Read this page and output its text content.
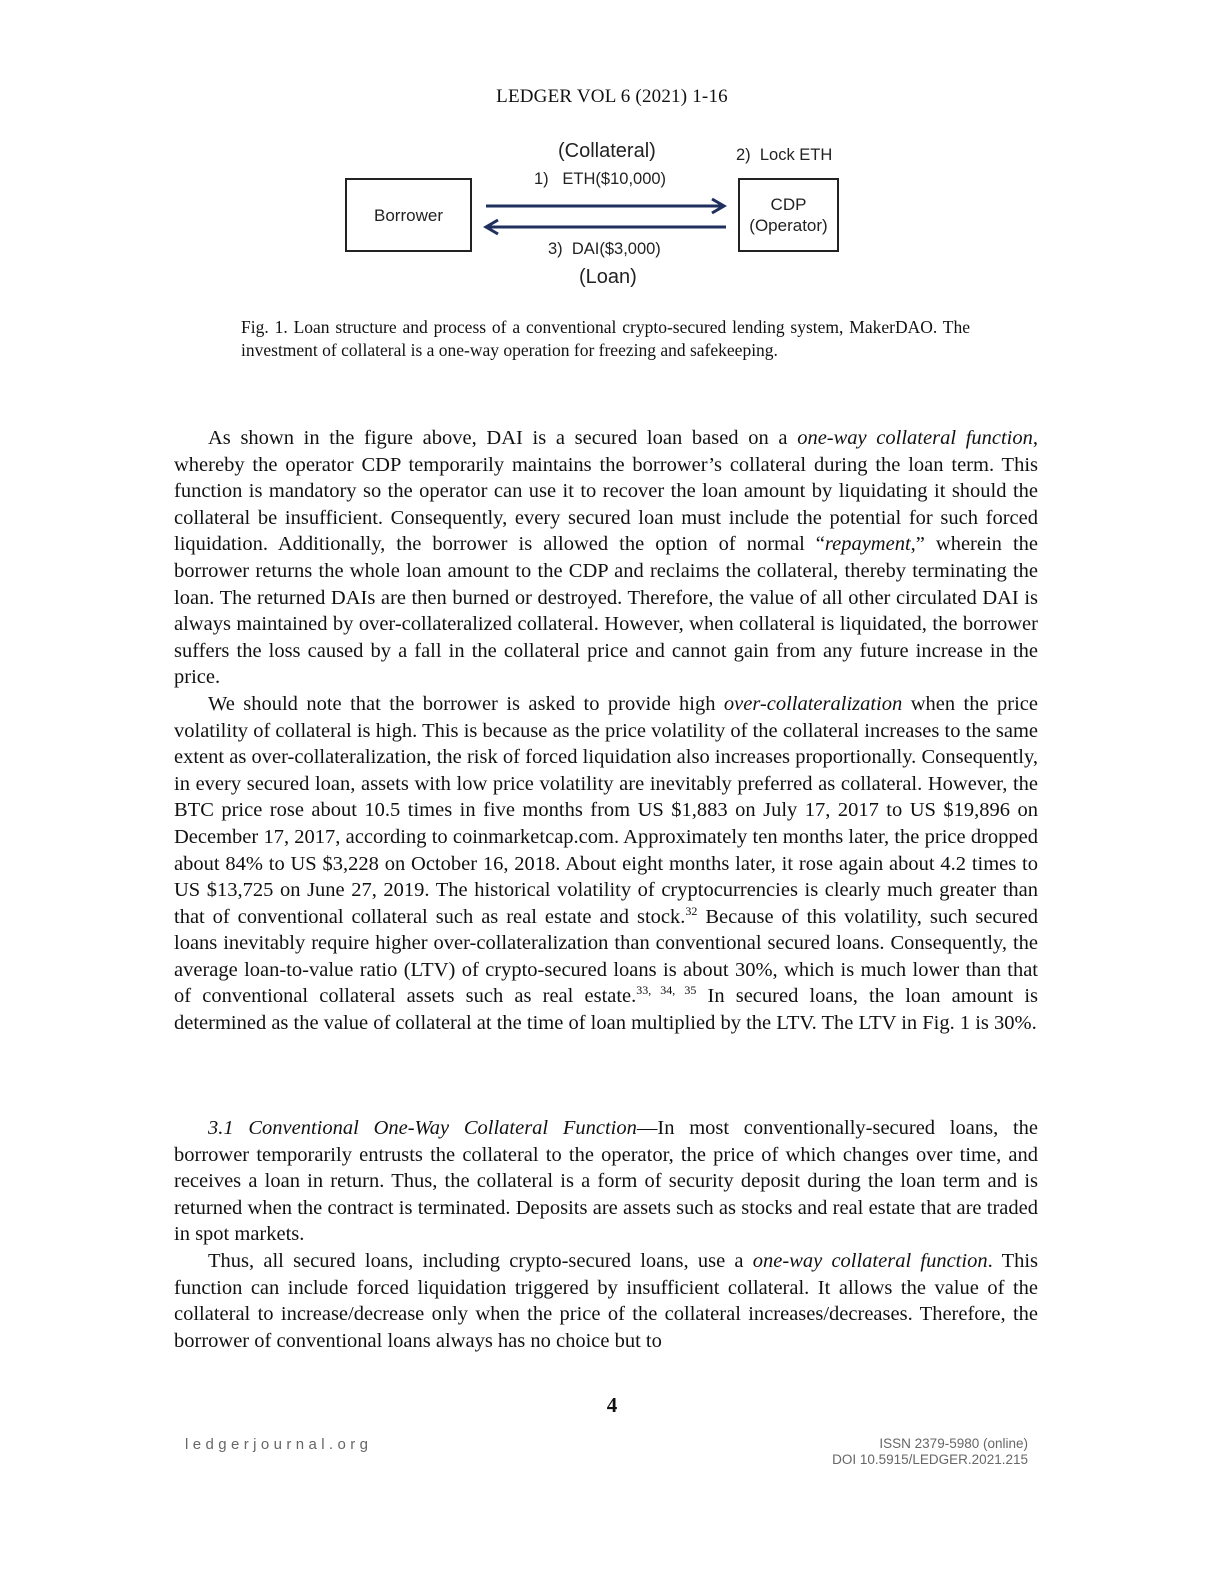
LEDGER VOL 6 (2021) 1-16
Borrower
CDP
(Operator)
(Collateral)
1)   ETH($10,000)
2)  Lock ETH
3)  DAI($3,000)
(Loan)
Fig. 1. Loan structure and process of a conventional crypto-secured lending system, MakerDAO. The investment of collateral is a one-way operation for freezing and safekeeping.

As shown in the figure above, DAI is a secured loan based on a one-way collateral function, whereby the operator CDP temporarily maintains the borrower’s collateral during the loan term. This function is mandatory so the operator can use it to recover the loan amount by liquidating it should the collateral be insufficient. Consequently, every secured loan must include the potential for such forced liquidation. Additionally, the borrower is allowed the option of normal “repayment,” wherein the borrower returns the whole loan amount to the CDP and reclaims the collateral, thereby terminating the loan. The returned DAIs are then burned or destroyed. Therefore, the value of all other circulated DAI is always maintained by over-collateralized collateral. However, when collateral is liquidated, the borrower suffers the loss caused by a fall in the collateral price and cannot gain from any future increase in the price.

We should note that the borrower is asked to provide high over-collateralization when the price volatility of collateral is high. This is because as the price volatility of the collateral increases to the same extent as over-collateralization, the risk of forced liquidation also increases proportionally. Consequently, in every secured loan, assets with low price volatility are inevitably preferred as collateral. However, the BTC price rose about 10.5 times in five months from US $1,883 on July 17, 2017 to US $19,896 on December 17, 2017, according to coinmarketcap.com. Approximately ten months later, the price dropped about 84% to US $3,228 on October 16, 2018. About eight months later, it rose again about 4.2 times to US $13,725 on June 27, 2019. The historical volatility of cryptocurrencies is clearly much greater than that of conventional collateral such as real estate and stock.$^{32}$ Because of this volatility, such secured loans inevitably require higher over-collateralization than conventional secured loans. Consequently, the average loan-to-value ratio (LTV) of crypto-secured loans is about 30%, which is much lower than that of conventional collateral assets such as real estate.$^{33, 34, 35}$ In secured loans, the loan amount is determined as the value of collateral at the time of loan multiplied by the LTV. The LTV in Fig. 1 is 30%.

3.1 Conventional One-Way Collateral Function—In most conventionally-secured loans, the borrower temporarily entrusts the collateral to the operator, the price of which changes over time, and receives a loan in return. Thus, the collateral is a form of security deposit during the loan term and is returned when the contract is terminated. Deposits are assets such as stocks and real estate that are traded in spot markets.

Thus, all secured loans, including crypto-secured loans, use a one-way collateral function. This function can include forced liquidation triggered by insufficient collateral. It allows the value of the collateral to increase/decrease only when the price of the collateral increases/decreases. Therefore, the borrower of conventional loans always has no choice but to

4
ledgerjournal.org	ISSN 2379-5980 (online)
DOI 10.5915/LEDGER.2021.215
